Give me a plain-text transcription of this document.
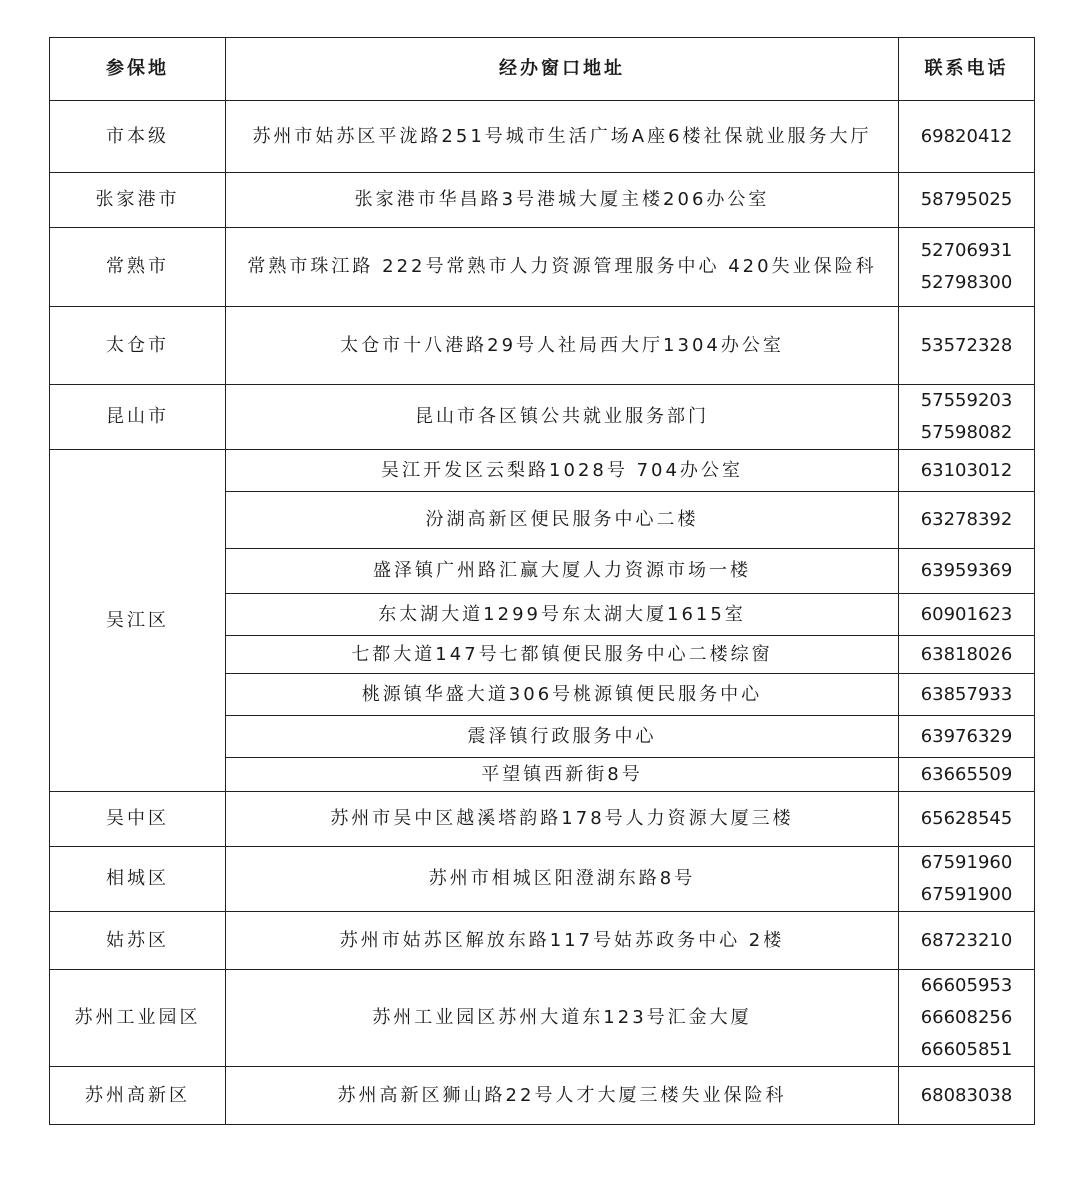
参保地	经办窗口地址	联系电话
市本级	苏州市姑苏区平泷路251号城市生活广场A座6楼社保就业服务大厅	69820412

张家港市	张家港市华昌路3号港城大厦主楼206办公室	58795025

常熟市	常熟市珠江路 222号常熟市人力资源管理服务中心 420失业保险科	52706931
52798300

太仓市	太仓市十八港路29号人社局西大厅1304办公室	53572328

昆山市	昆山市各区镇公共就业服务部门	57559203
57598082

吴江区	吴江开发区云梨路1028号 704办公室	63103012

	汾湖高新区便民服务中心二楼	63278392

	盛泽镇广州路汇赢大厦人力资源市场一楼	63959369

	东太湖大道1299号东太湖大厦1615室	60901623

	七都大道147号七都镇便民服务中心二楼综窗	63818026

	桃源镇华盛大道306号桃源镇便民服务中心	63857933

	震泽镇行政服务中心	63976329

	平望镇西新街8号	63665509

吴中区	苏州市吴中区越溪塔韵路178号人力资源大厦三楼	65628545

相城区	苏州市相城区阳澄湖东路8号	67591960
67591900

姑苏区	苏州市姑苏区解放东路117号姑苏政务中心 2楼	68723210

苏州工业园区	苏州工业园区苏州大道东123号汇金大厦	66605953
66608256
66605851

苏州高新区	苏州高新区狮山路22号人才大厦三楼失业保险科	68083038
